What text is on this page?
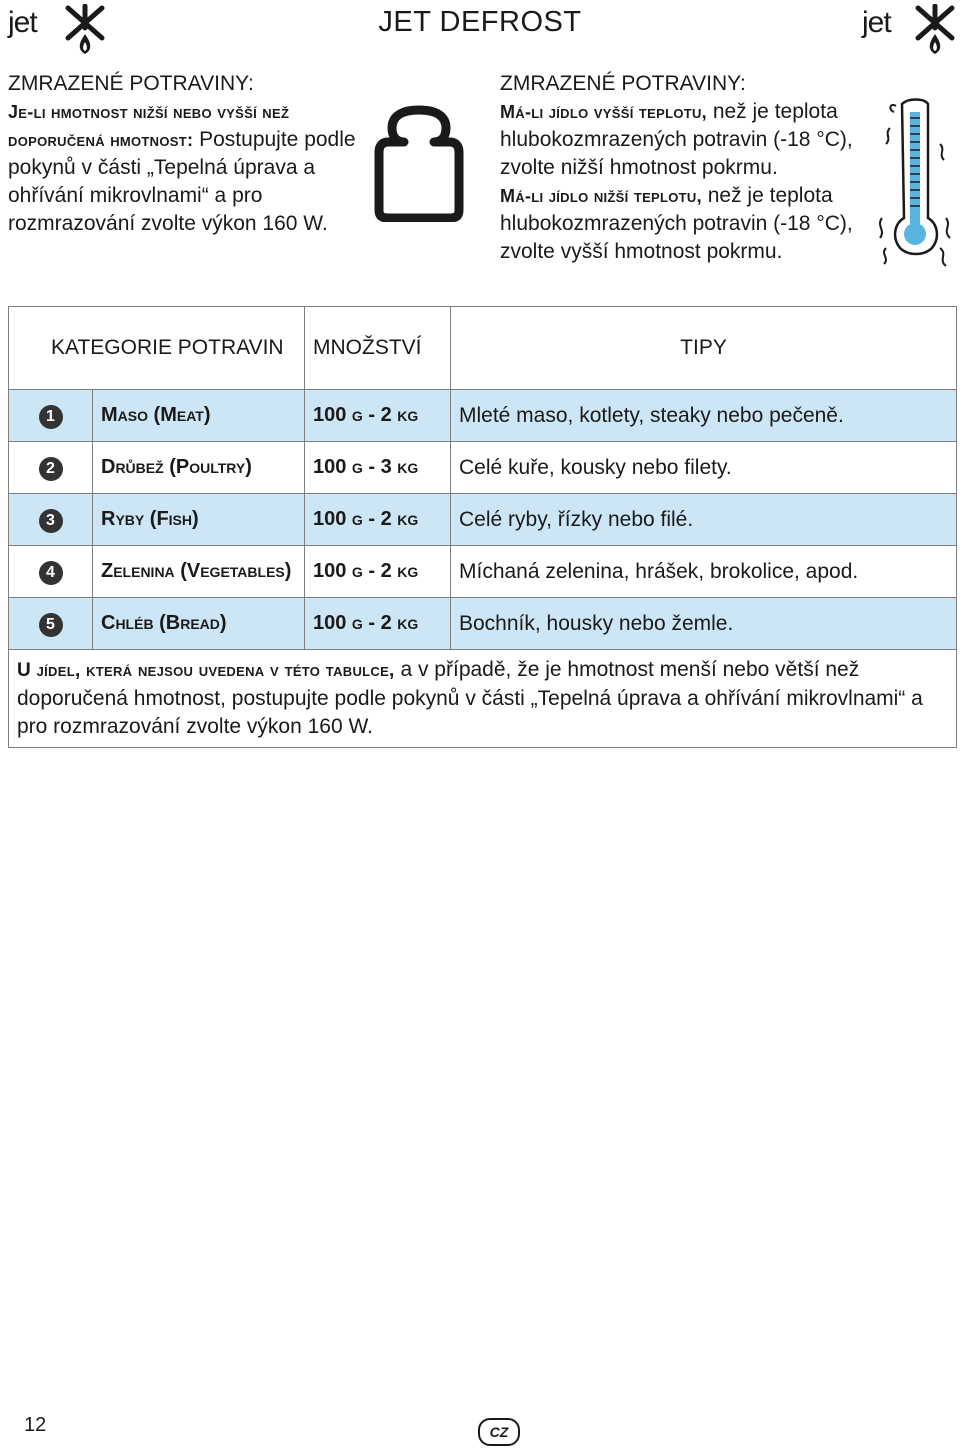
jet	JET DEFROST	jet
ZMRAZENÉ POTRAVINY:
Je-li hmotnost nižší nebo vyšší než doporučená hmotnost: Postupujte podle pokynů v části „Tepelná úprava a ohřívání mikrovlnami“ a pro rozmrazování zvolte výkon 160 W.
ZMRAZENÉ POTRAVINY:
Má-li jídlo vyšší teplotu, než je teplota hlubokozmrazených potravin (-18 °C), zvolte nižší hmotnost pokrmu.
Má-li jídlo nižší teplotu, než je teplota hlubokozmrazených potravin (-18 °C), zvolte vyšší hmotnost pokrmu.
KATEGORIE POTRAVIN		MNOŽSTVÍ	TIPY
1	Maso (Meat)	100 g - 2 kg	Mleté maso, kotlety, steaky nebo pečeně.
2	Drůbež (Poultry)	100 g - 3 kg	Celé kuře, kousky nebo filety.
3	Ryby (Fish)	100 g - 2 kg	Celé ryby, řízky nebo filé.
4	Zelenina (Vegetables)	100 g - 2 kg	Míchaná zelenina, hrášek, brokolice, apod.
5	Chléb (Bread)	100 g - 2 kg	Bochník, housky nebo žemle.
U jídel, která nejsou uvedena v této tabulce, a v případě, že je hmotnost menší nebo větší než doporučená hmotnost, postupujte podle pokynů v části „Tepelná úprava a ohřívání mikrovlnami“ a pro rozmrazování zvolte výkon 160 W.			
12	CZ
